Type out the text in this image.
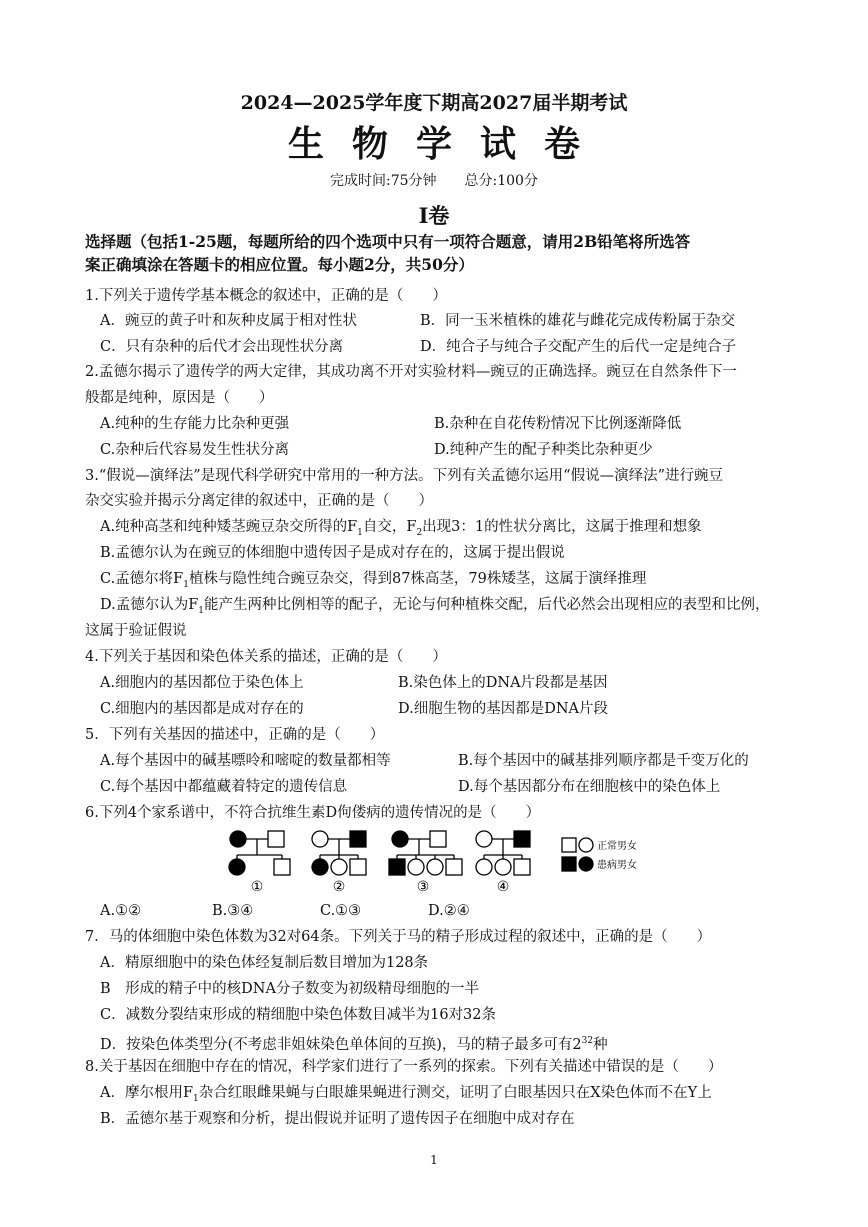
2024—2025学年度下期高2027届半期考试
生物学试卷
完成时间:75分钟　　总分:100分
Ⅰ卷
选择题（包括1-25题，每题所给的四个选项中只有一项符合题意，请用2B铅笔将所选答
案正确填涂在答题卡的相应位置。每小题2分，共50分）
1.下列关于遗传学基本概念的叙述中，正确的是（　　）
A．豌豆的黄子叶和灰种皮属于相对性状	B．同一玉米植株的雄花与雌花完成传粉属于杂交
C．只有杂种的后代才会出现性状分离	D．纯合子与纯合子交配产生的后代一定是纯合子
2.孟德尔揭示了遗传学的两大定律，其成功离不开对实验材料—豌豆的正确选择。豌豆在自然条件下一
般都是纯种，原因是（　　）
A.纯种的生存能力比杂种更强	B.杂种在自花传粉情况下比例逐渐降低
C.杂种后代容易发生性状分离	D.纯种产生的配子种类比杂种更少
3.“假说—演绎法”是现代科学研究中常用的一种方法。下列有关孟德尔运用“假说—演绎法”进行豌豆
杂交实验并揭示分离定律的叙述中，正确的是（　　）
A.纯种高茎和纯种矮茎豌豆杂交所得的$F_1$自交，$F_2$出现3：1的性状分离比，这属于推理和想象
B.孟德尔认为在豌豆的体细胞中遗传因子是成对存在的，这属于提出假说
C.孟德尔将$F_1$植株与隐性纯合豌豆杂交，得到87株高茎，79株矮茎，这属于演绎推理
D.孟德尔认为$F_1$能产生两种比例相等的配子，无论与何种植株交配，后代必然会出现相应的表型和比例，
这属于验证假说
4.下列关于基因和染色体关系的描述，正确的是（　　）
A.细胞内的基因都位于染色体上	B.染色体上的DNA片段都是基因
C.细胞内的基因都是成对存在的	D.细胞生物的基因都是DNA片段
5．下列有关基因的描述中，正确的是（　　）
A.每个基因中的碱基嘌呤和嘧啶的数量都相等	B.每个基因中的碱基排列顺序都是千变万化的
C.每个基因中都蕴藏着特定的遗传信息	D.每个基因都分布在细胞核中的染色体上
6.下列4个家系谱中，不符合抗维生素D佝偻病的遗传情况的是（　　）
①	②	③	④
正常男女
患病男女
A.①②	B.③④	C.①③	D.②④
7．马的体细胞中染色体数为32对64条。下列关于马的精子形成过程的叙述中，正确的是（　　）
A．精原细胞中的染色体经复制后数目增加为128条
B　形成的精子中的核DNA分子数变为初级精母细胞的一半
C．减数分裂结束形成的精细胞中染色体数目减半为16对32条
D．按染色体类型分(不考虑非姐妹染色单体间的互换)，马的精子最多可有$2^{32}$种
8.关于基因在细胞中存在的情况，科学家们进行了一系列的探索。下列有关描述中错误的是（　　）
A．摩尔根用$F_1$杂合红眼雌果蝇与白眼雄果蝇进行测交，证明了白眼基因只在X染色体而不在Y上
B．孟德尔基于观察和分析，提出假说并证明了遗传因子在细胞中成对存在
1
